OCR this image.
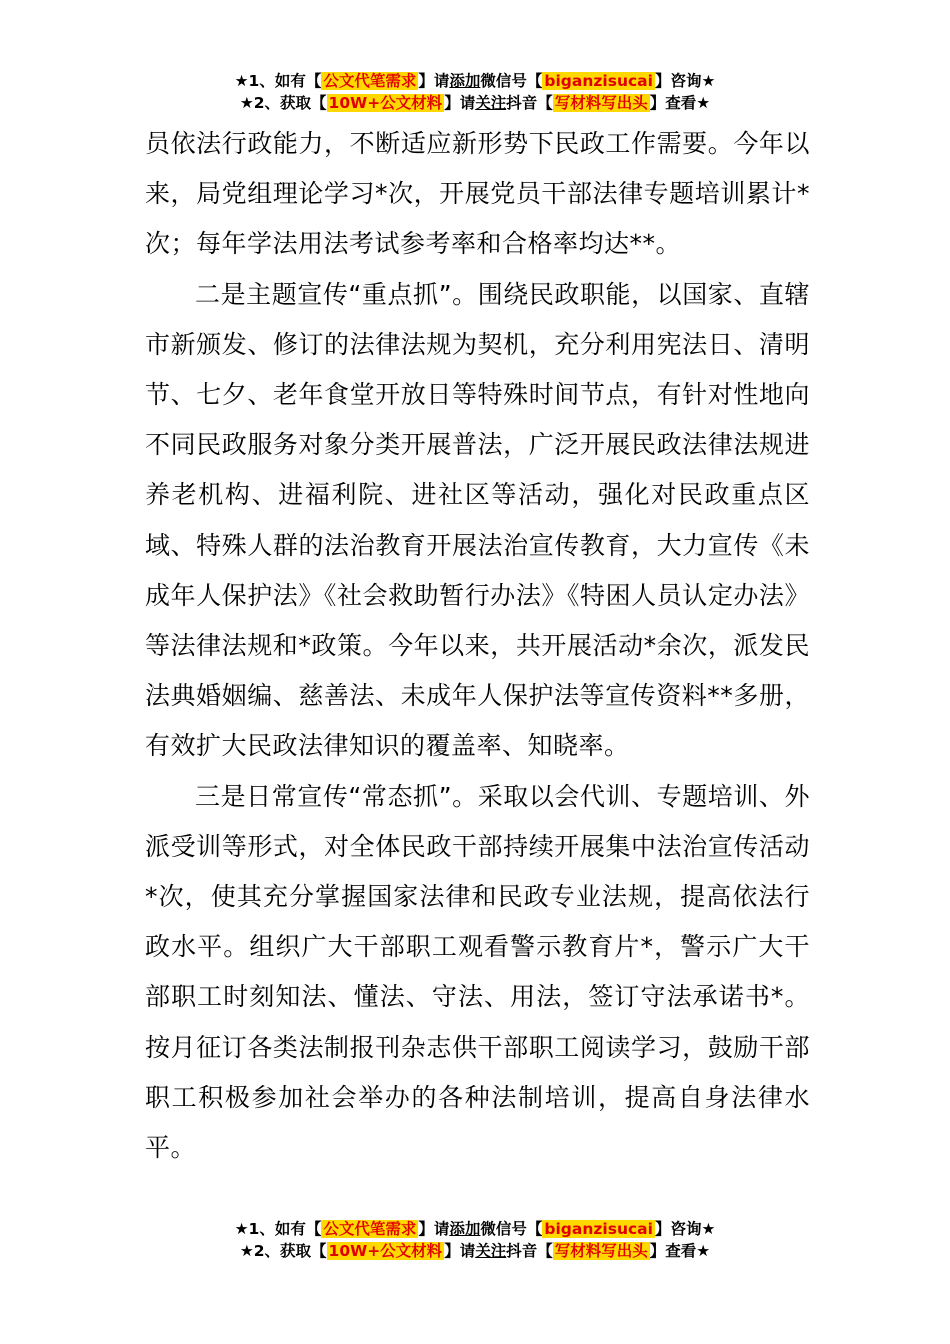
★1、如有【 公文代笔需求 】请添加微信号【 biganzisucai 】咨询★
★2、获取【 10W+公文材料 】请关注抖音【 写材料写出头 】查看★

员依法行政能力，不断适应新形势下民政工作需要。今年以来，局党组理论学习*次，开展党员干部法律专题培训累计*次；每年学法用法考试参考率和合格率均达**。

二是主题宣传“重点抓”。围绕民政职能，以国家、直辖市新颁发、修订的法律法规为契机，充分利用宪法日、清明节、七夕、老年食堂开放日等特殊时间节点，有针对性地向不同民政服务对象分类开展普法，广泛开展民政法律法规进养老机构、进福利院、进社区等活动，强化对民政重点区域、特殊人群的法治教育开展法治宣传教育，大力宣传《未成年人保护法》《社会救助暂行办法》《特困人员认定办法》等法律法规和*政策。今年以来，共开展活动*余次，派发民法典婚姻编、慈善法、未成年人保护法等宣传资料**多册，有效扩大民政法律知识的覆盖率、知晓率。

三是日常宣传“常态抓”。采取以会代训、专题培训、外派受训等形式，对全体民政干部持续开展集中法治宣传活动*次，使其充分掌握国家法律和民政专业法规，提高依法行政水平。组织广大干部职工观看警示教育片*，警示广大干部职工时刻知法、懂法、守法、用法，签订守法承诺书*。按月征订各类法制报刊杂志供干部职工阅读学习，鼓励干部职工积极参加社会举办的各种法制培训，提高自身法律水平。

★1、如有【 公文代笔需求 】请添加微信号【 biganzisucai 】咨询★
★2、获取【 10W+公文材料 】请关注抖音【 写材料写出头 】查看★
